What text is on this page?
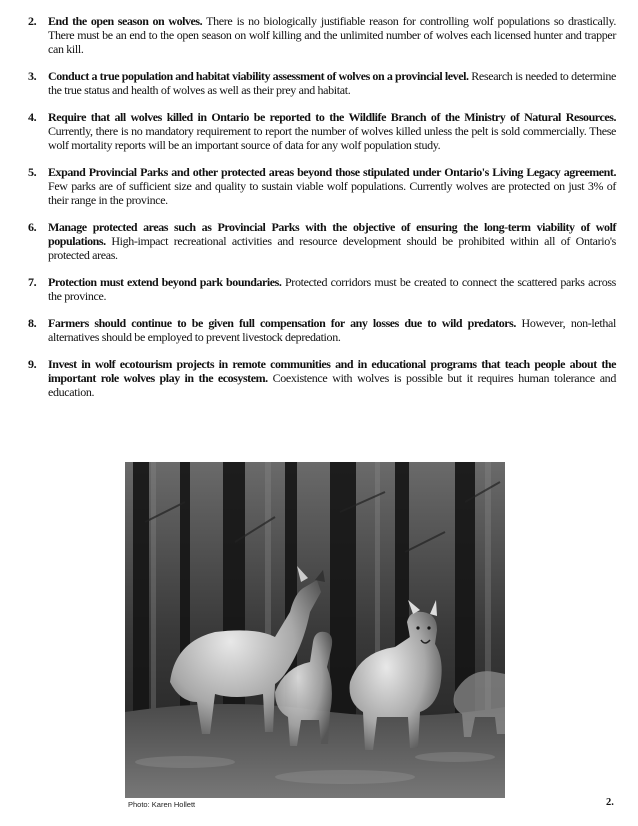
2. End the open season on wolves. There is no biologically justifiable reason for controlling wolf populations so drastically. There must be an end to the open season on wolf killing and the unlimited number of wolves each licensed hunter and trapper can kill.
3. Conduct a true population and habitat viability assessment of wolves on a provincial level. Research is needed to determine the true status and health of wolves as well as their prey and habitat.
4. Require that all wolves killed in Ontario be reported to the Wildlife Branch of the Ministry of Natural Resources. Currently, there is no mandatory requirement to report the number of wolves killed unless the pelt is sold commercially. These wolf mortality reports will be an important source of data for any wolf population study.
5. Expand Provincial Parks and other protected areas beyond those stipulated under Ontario's Living Legacy agreement. Few parks are of sufficient size and quality to sustain viable wolf populations. Currently wolves are protected on just 3% of their range in the province.
6. Manage protected areas such as Provincial Parks with the objective of ensuring the long-term viability of wolf populations. High-impact recreational activities and resource development should be prohibited within all of Ontario's protected areas.
7. Protection must extend beyond park boundaries. Protected corridors must be created to connect the scattered parks across the province.
8. Farmers should continue to be given full compensation for any losses due to wild predators. However, non-lethal alternatives should be employed to prevent livestock depredation.
9. Invest in wolf ecotourism projects in remote communities and in educational programs that teach people about the important role wolves play in the ecosystem. Coexistence with wolves is possible but it requires human tolerance and education.
Photo: Karen Hollett	2.
